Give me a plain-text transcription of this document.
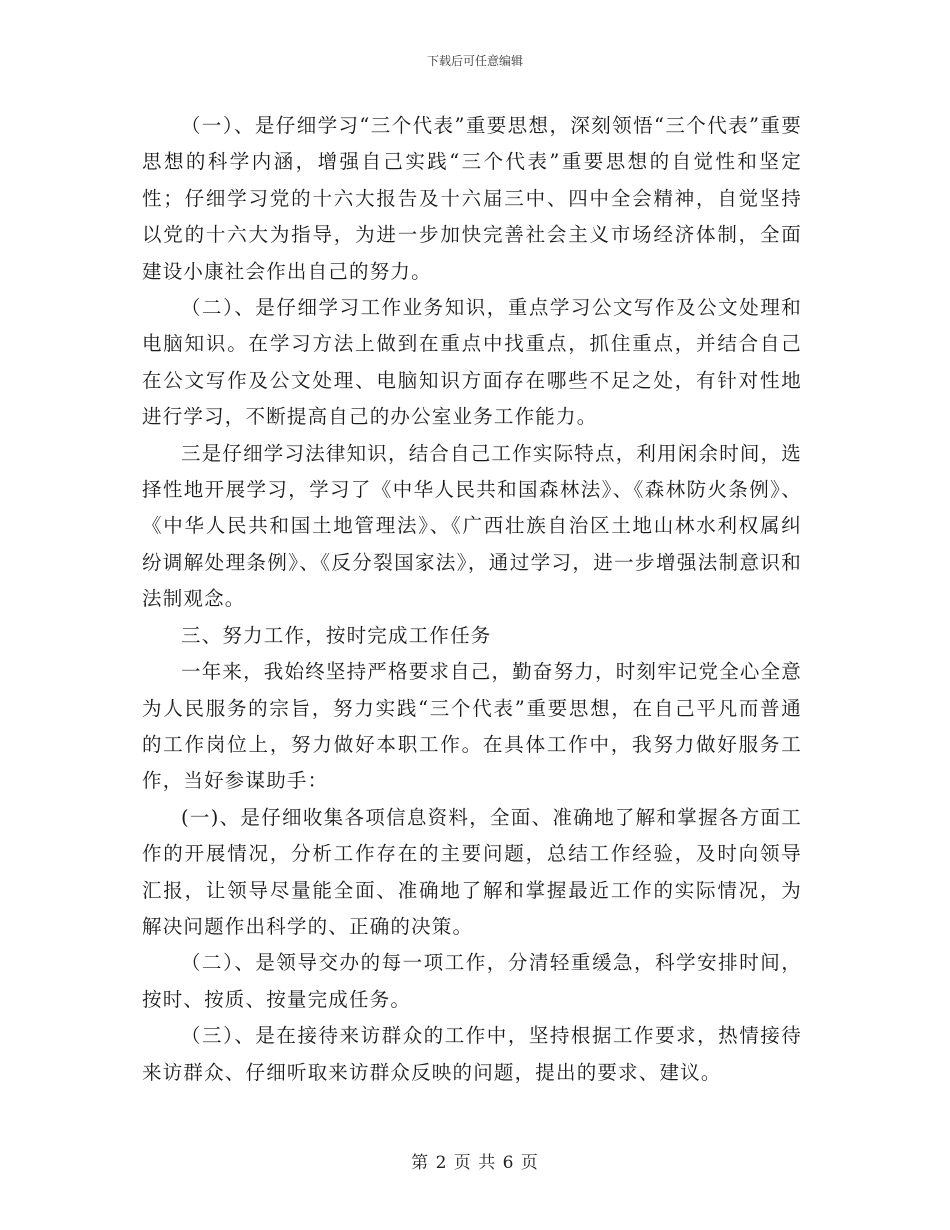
下载后可任意编辑

（一）、是仔细学习“三个代表”重要思想，深刻领悟“三个代表”重要思想的科学内涵，增强自己实践“三个代表”重要思想的自觉性和坚定性；仔细学习党的十六大报告及十六届三中、四中全会精神，自觉坚持以党的十六大为指导，为进一步加快完善社会主义市场经济体制，全面建设小康社会作出自己的努力。

（二）、是仔细学习工作业务知识，重点学习公文写作及公文处理和电脑知识。在学习方法上做到在重点中找重点，抓住重点，并结合自己在公文写作及公文处理、电脑知识方面存在哪些不足之处，有针对性地进行学习，不断提高自己的办公室业务工作能力。

三是仔细学习法律知识，结合自己工作实际特点，利用闲余时间，选择性地开展学习，学习了《中华人民共和国森林法》、《森林防火条例》、《中华人民共和国土地管理法》、《广西壮族自治区土地山林水利权属纠纷调解处理条例》、《反分裂国家法》，通过学习，进一步增强法制意识和法制观念。

三、努力工作，按时完成工作任务

一年来，我始终坚持严格要求自己，勤奋努力，时刻牢记党全心全意为人民服务的宗旨，努力实践“三个代表”重要思想，在自己平凡而普通的工作岗位上，努力做好本职工作。在具体工作中，我努力做好服务工作，当好参谋助手：

(一)、是仔细收集各项信息资料，全面、准确地了解和掌握各方面工作的开展情况，分析工作存在的主要问题，总结工作经验，及时向领导汇报，让领导尽量能全面、准确地了解和掌握最近工作的实际情况，为解决问题作出科学的、正确的决策。

（二）、是领导交办的每一项工作，分清轻重缓急，科学安排时间，按时、按质、按量完成任务。

（三）、是在接待来访群众的工作中，坚持根据工作要求，热情接待来访群众、仔细听取来访群众反映的问题，提出的要求、建议。

第 2 页 共 6 页
